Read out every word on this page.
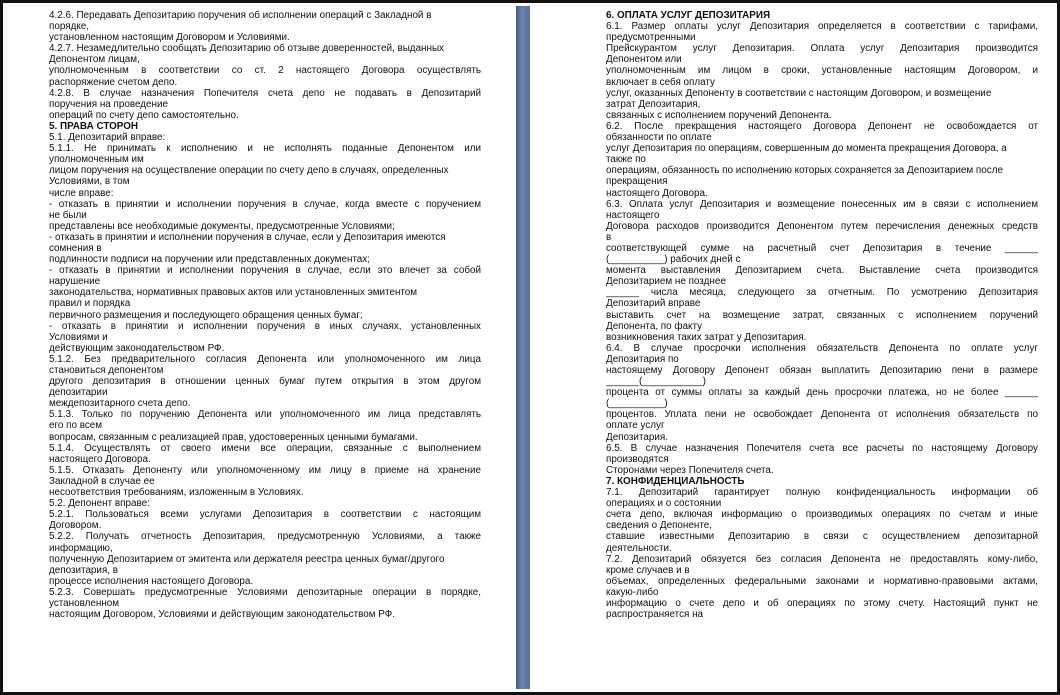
4.2.6. Передавать Депозитарию поручения об исполнении операций с Закладной в
порядке,
установленном настоящим Договором и Условиями.
4.2.7. Незамедлительно сообщать Депозитарию об отзыве доверенностей, выданных
Депонентом лицам,
уполномоченным в соответствии со ст. 2 настоящего Договора осуществлять
распоряжение счетом депо.
4.2.8. В случае назначения Попечителя счета депо не подавать в Депозитарий
поручения на проведение
операций по счету депо самостоятельно.
5. ПРАВА СТОРОН
5.1. Депозитарий вправе:
5.1.1. Не принимать к исполнению и не исполнять поданные Депонентом или
уполномоченным им
лицом поручения на осуществление операции по счету депо в случаях, определенных
Условиями, в том
числе вправе:
- отказать в принятии и исполнении поручения в случае, когда вместе с поручением
не были
представлены все необходимые документы, предусмотренные Условиями;
- отказать в принятии и исполнении поручения в случае, если у Депозитария имеются
сомнения в
подлинности подписи на поручении или представленных документах;
- отказать в принятии и исполнении поручения в случае, если это влечет за собой
нарушение
законодательства, нормативных правовых актов или установленных эмитентом
правил и порядка
первичного размещения и последующего обращения ценных бумаг;
- отказать в принятии и исполнении поручения в иных случаях, установленных
Условиями и
действующим законодательством РФ.
5.1.2. Без предварительного согласия Депонента или уполномоченного им лица
становиться депонентом
другого депозитария в отношении ценных бумаг путем открытия в этом другом
депозитарии
междепозитарного счета депо.
5.1.3. Только по поручению Депонента или уполномоченного им лица представлять
его по всем
вопросам, связанным с реализацией прав, удостоверенных ценными бумагами.
5.1.4. Осуществлять от своего имени все операции, связанные с выполнением
настоящего Договора.
5.1.5. Отказать Депоненту или уполномоченному им лицу в приеме на хранение
Закладной в случае ее
несоответствия требованиям, изложенным в Условиях.
5.2. Депонент вправе:
5.2.1. Пользоваться всеми услугами Депозитария в соответствии с настоящим
Договором.
5.2.2. Получать отчетность Депозитария, предусмотренную Условиями, а также
информацию,
полученную Депозитарием от эмитента или держателя реестра ценных бумаг/другого
депозитария, в
процессе исполнения настоящего Договора.
5.2.3. Совершать предусмотренные Условиями депозитарные операции в порядке,
установленном
настоящим Договором, Условиями и действующим законодательством РФ.
6. ОПЛАТА УСЛУГ ДЕПОЗИТАРИЯ
6.1. Размер оплаты услуг Депозитария определяется в соответствии с тарифами,
предусмотренными
Прейскурантом услуг Депозитария. Оплата услуг Депозитария производится
Депонентом или
уполномоченным им лицом в сроки, установленные настоящим Договором, и
включает в себя оплату
услуг, оказанных Депоненту в соответствии с настоящим Договором, и возмещение
затрат Депозитария,
связанных с исполнением поручений Депонента.
6.2. После прекращения настоящего Договора Депонент не освобождается от
обязанности по оплате
услуг Депозитария по операциям, совершенным до момента прекращения Договора, а
также по
операциям, обязанность по исполнению которых сохраняется за Депозитарием после
прекращения
настоящего Договора.
6.3. Оплата услуг Депозитария и возмещение понесенных им в связи с исполнением
настоящего
Договора расходов производится Депонентом путем перечисления денежных средств
в
соответствующей сумме на расчетный счет Депозитария в течение ______
(__________) рабочих дней с
момента выставления Депозитарием счета. Выставление счета производится
Депозитарием не позднее
______ числа месяца, следующего за отчетным. По усмотрению Депозитария
Депозитарий вправе
выставить счет на возмещение затрат, связанных с исполнением поручений
Депонента, по факту
возникновения таких затрат у Депозитария.
6.4. В случае просрочки исполнения обязательств Депонента по оплате услуг
Депозитария по
настоящему Договору Депонент обязан выплатить Депозитарию пени в размере
______(___________)
процента от суммы оплаты за каждый день просрочки платежа, но не более ______
(__________)
процентов. Уплата пени не освобождает Депонента от исполнения обязательств по
оплате услуг
Депозитария.
6.5. В случае назначения Попечителя счета все расчеты по настоящему Договору
производятся
Сторонами через Попечителя счета.
7. КОНФИДЕНЦИАЛЬНОСТЬ
7.1. Депозитарий гарантирует полную конфиденциальность информации об
операциях и о состоянии
счета депо, включая информацию о производимых операциях по счетам и иные
сведения о Депоненте,
ставшие известными Депозитарию в связи с осуществлением депозитарной
деятельности.
7.2. Депозитарий обязуется без согласия Депонента не предоставлять кому-либо,
кроме случаев и в
объемах, определенных федеральными законами и нормативно-правовыми актами,
какую-либо
информацию о счете депо и об операциях по этому счету. Настоящий пункт не
распространяется на
